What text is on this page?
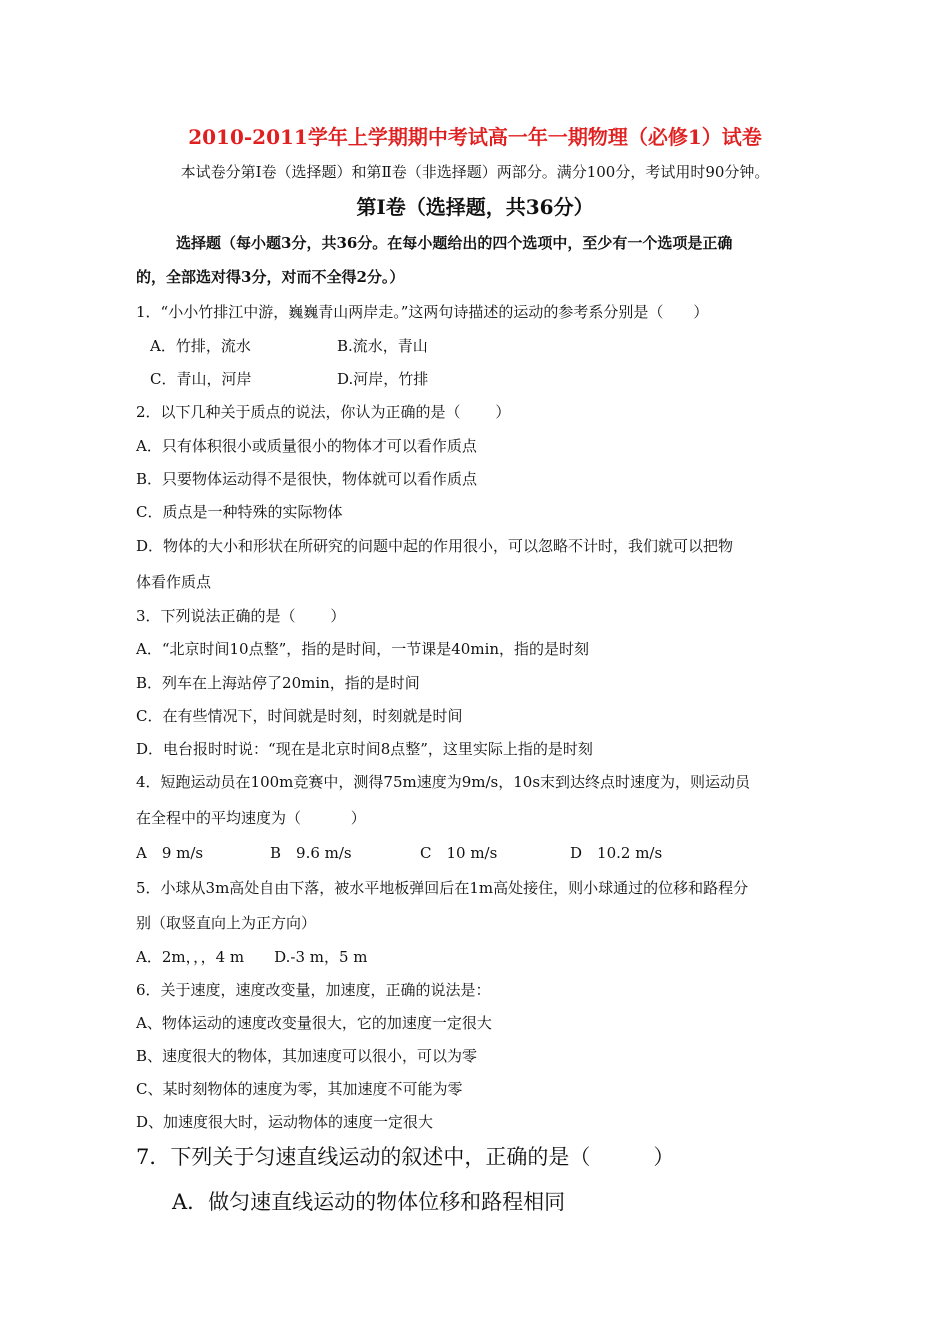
2010-2011学年上学期期中考试高一年一期物理（必修1）试卷
本试卷分第Ⅰ卷（选择题）和第Ⅱ卷（非选择题）两部分。满分100分，考试用时90分钟。
第Ⅰ卷（选择题，共36分）
选择题（每小题3分，共36分。在每小题给出的四个选项中，至少有一个选项是正确
的，全部选对得3分，对而不全得2分。）
1．“小小竹排江中游，巍巍青山两岸走。”这两句诗描述的运动的参考系分别是（　　）
A．竹排，流水	B.流水，青山
C．青山，河岸	D.河岸，竹排
2．以下几种关于质点的说法，你认为正确的是（　　 ）
A．只有体积很小或质量很小的物体才可以看作质点
B．只要物体运动得不是很快，物体就可以看作质点
C．质点是一种特殊的实际物体
D．物体的大小和形状在所研究的问题中起的作用很小，可以忽略不计时，我们就可以把物
体看作质点
3．下列说法正确的是（　　 ）
A．“北京时间10点整”，指的是时间，一节课是40min，指的是时刻
B．列车在上海站停了20min，指的是时间
C．在有些情况下，时间就是时刻，时刻就是时间
D．电台报时时说：“现在是北京时间8点整”，这里实际上指的是时刻
4．短跑运动员在100m竞赛中，测得75m速度为9m/s，10s末到达终点时速度为，则运动员
在全程中的平均速度为（　　　 ）
A　9 m/s	B　9.6 m/s	C　10 m/s	D　10.2 m/s
5．小球从3m高处自由下落，被水平地板弹回后在1m高处接住，则小球通过的位移和路程分
别（取竖直向上为正方向）
A．2m，，，4 m　　D.-3 m，5 m
6．关于速度，速度改变量，加速度，正确的说法是：
A、物体运动的速度改变量很大，它的加速度一定很大
B、速度很大的物体，其加速度可以很小，可以为零
C、某时刻物体的速度为零，其加速度不可能为零
D、加速度很大时，运动物体的速度一定很大
7．下列关于匀速直线运动的叙述中，正确的是（　　　）
A．做匀速直线运动的物体位移和路程相同
